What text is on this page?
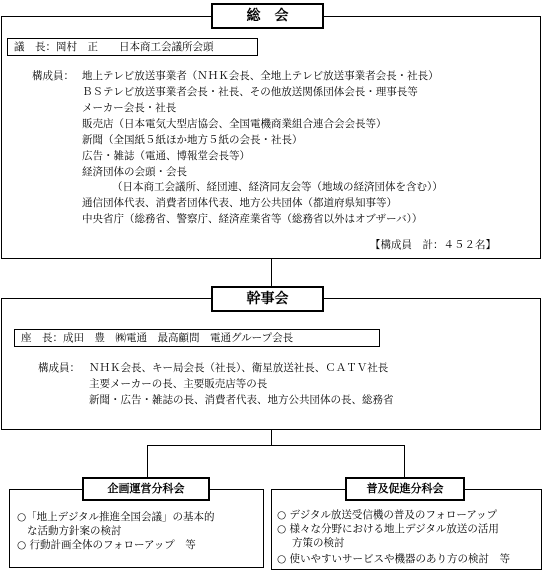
総　会
議　長：岡村　正　　日本商工会議所会頭
構成員： 地上テレビ放送事業者（ＮＨＫ会長、全地上テレビ放送事業者会長・社長）
ＢＳテレビ放送事業者会長・社長、その他放送関係団体会長・理事長等
メーカー会長・社長
販売店（日本電気大型店協会、全国電機商業組合連合会会長等）
新聞（全国紙５紙ほか地方５紙の会長・社長）
広告・雑誌（電通、博報堂会長等）
経済団体の会頭・会長
（日本商工会議所、経団連、経済同友会等（地域の経済団体を含む））
通信団体代表、消費者団体代表、地方公共団体（都道府県知事等）
中央省庁（総務省、警察庁、経済産業省等（総務省以外はオブザーバ））
【構成員　計：４５２名】
幹事会
座　長：成田　豊　㈱電通　最高顧問　電通グループ会長
構成員： ＮＨＫ会長、キー局会長（社長）、衛星放送社長、ＣＡＴＶ社長
主要メーカーの長、主要販売店等の長
新聞・広告・雑誌の長、消費者代表、地方公共団体の長、総務省
企画運営分科会
○「地上デジタル推進全国会議」の基本的
な活動方針案の検討
○ 行動計画全体のフォローアップ　等
普及促進分科会
○ デジタル放送受信機の普及のフォローアップ
○ 様々な分野における地上デジタル放送の活用
方策の検討
○ 使いやすいサービスや機器のあり方の検討　等
